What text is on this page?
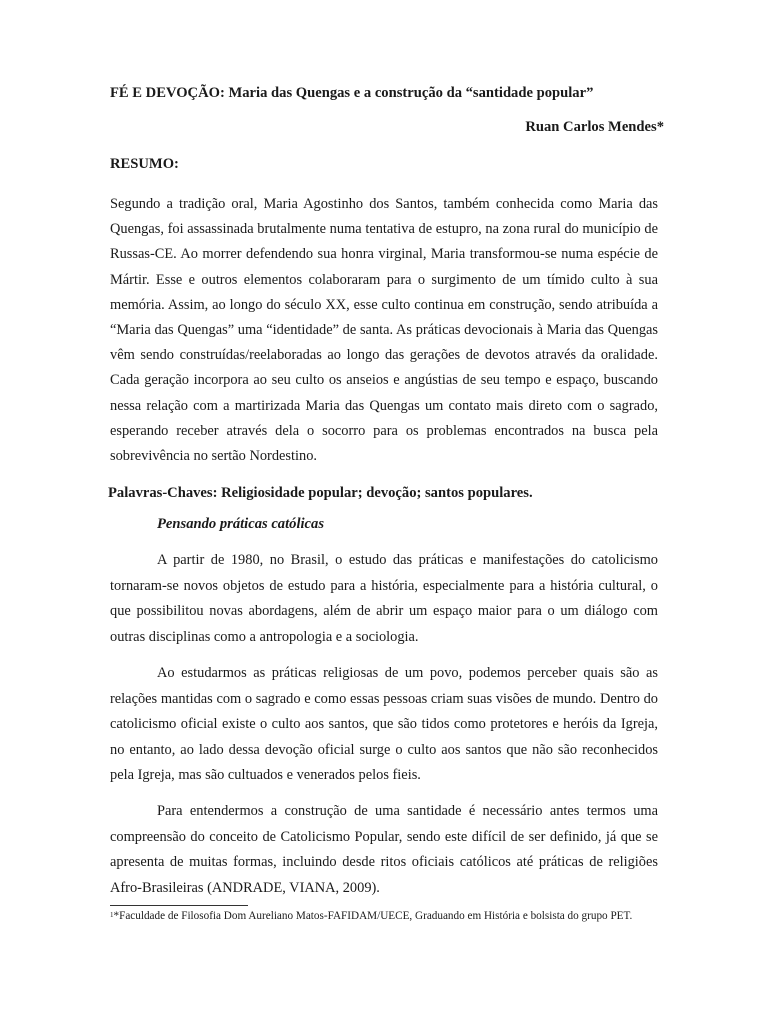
FÉ E DEVOÇÃO: Maria das Quengas e a construção da “santidade popular”
Ruan Carlos Mendes*
RESUMO:

Segundo a tradição oral, Maria Agostinho dos Santos, também conhecida como Maria das Quengas, foi assassinada brutalmente numa tentativa de estupro, na zona rural do município de Russas-CE. Ao morrer defendendo sua honra virginal, Maria transformou-se numa espécie de Mártir. Esse e outros elementos colaboraram para o surgimento de um tímido culto à sua memória. Assim, ao longo do século XX, esse culto continua em construção, sendo atribuída a “Maria das Quengas” uma “identidade” de santa. As práticas devocionais à Maria das Quengas vêm sendo construídas/reelaboradas ao longo das gerações de devotos através da oralidade. Cada geração incorpora ao seu culto os anseios e angústias de seu tempo e espaço, buscando nessa relação com a martirizada Maria das Quengas um contato mais direto com o sagrado, esperando receber através dela o socorro para os problemas encontrados na busca pela sobrevivência no sertão Nordestino.

Palavras-Chaves: Religiosidade popular; devoção; santos populares.
Pensando práticas católicas

A partir de 1980, no Brasil, o estudo das práticas e manifestações do catolicismo tornaram-se novos objetos de estudo para a história, especialmente para a história cultural, o que possibilitou novas abordagens, além de abrir um espaço maior para o um diálogo com outras disciplinas como a antropologia e a sociologia.

Ao estudarmos as práticas religiosas de um povo, podemos perceber quais são as relações mantidas com o sagrado e como essas pessoas criam suas visões de mundo. Dentro do catolicismo oficial existe o culto aos santos, que são tidos como protetores e heróis da Igreja, no entanto, ao lado dessa devoção oficial surge o culto aos santos que não são reconhecidos pela Igreja, mas são cultuados e venerados pelos fieis.

Para entendermos a construção de uma santidade é necessário antes termos uma compreensão do conceito de Catolicismo Popular, sendo este difícil de ser definido, já que se apresenta de muitas formas, incluindo desde ritos oficiais católicos até práticas de religiões Afro-Brasileiras (ANDRADE, VIANA, 2009).

$^1$*Faculdade de Filosofia Dom Aureliano Matos-FAFIDAM/UECE, Graduando em História e bolsista do grupo PET.
